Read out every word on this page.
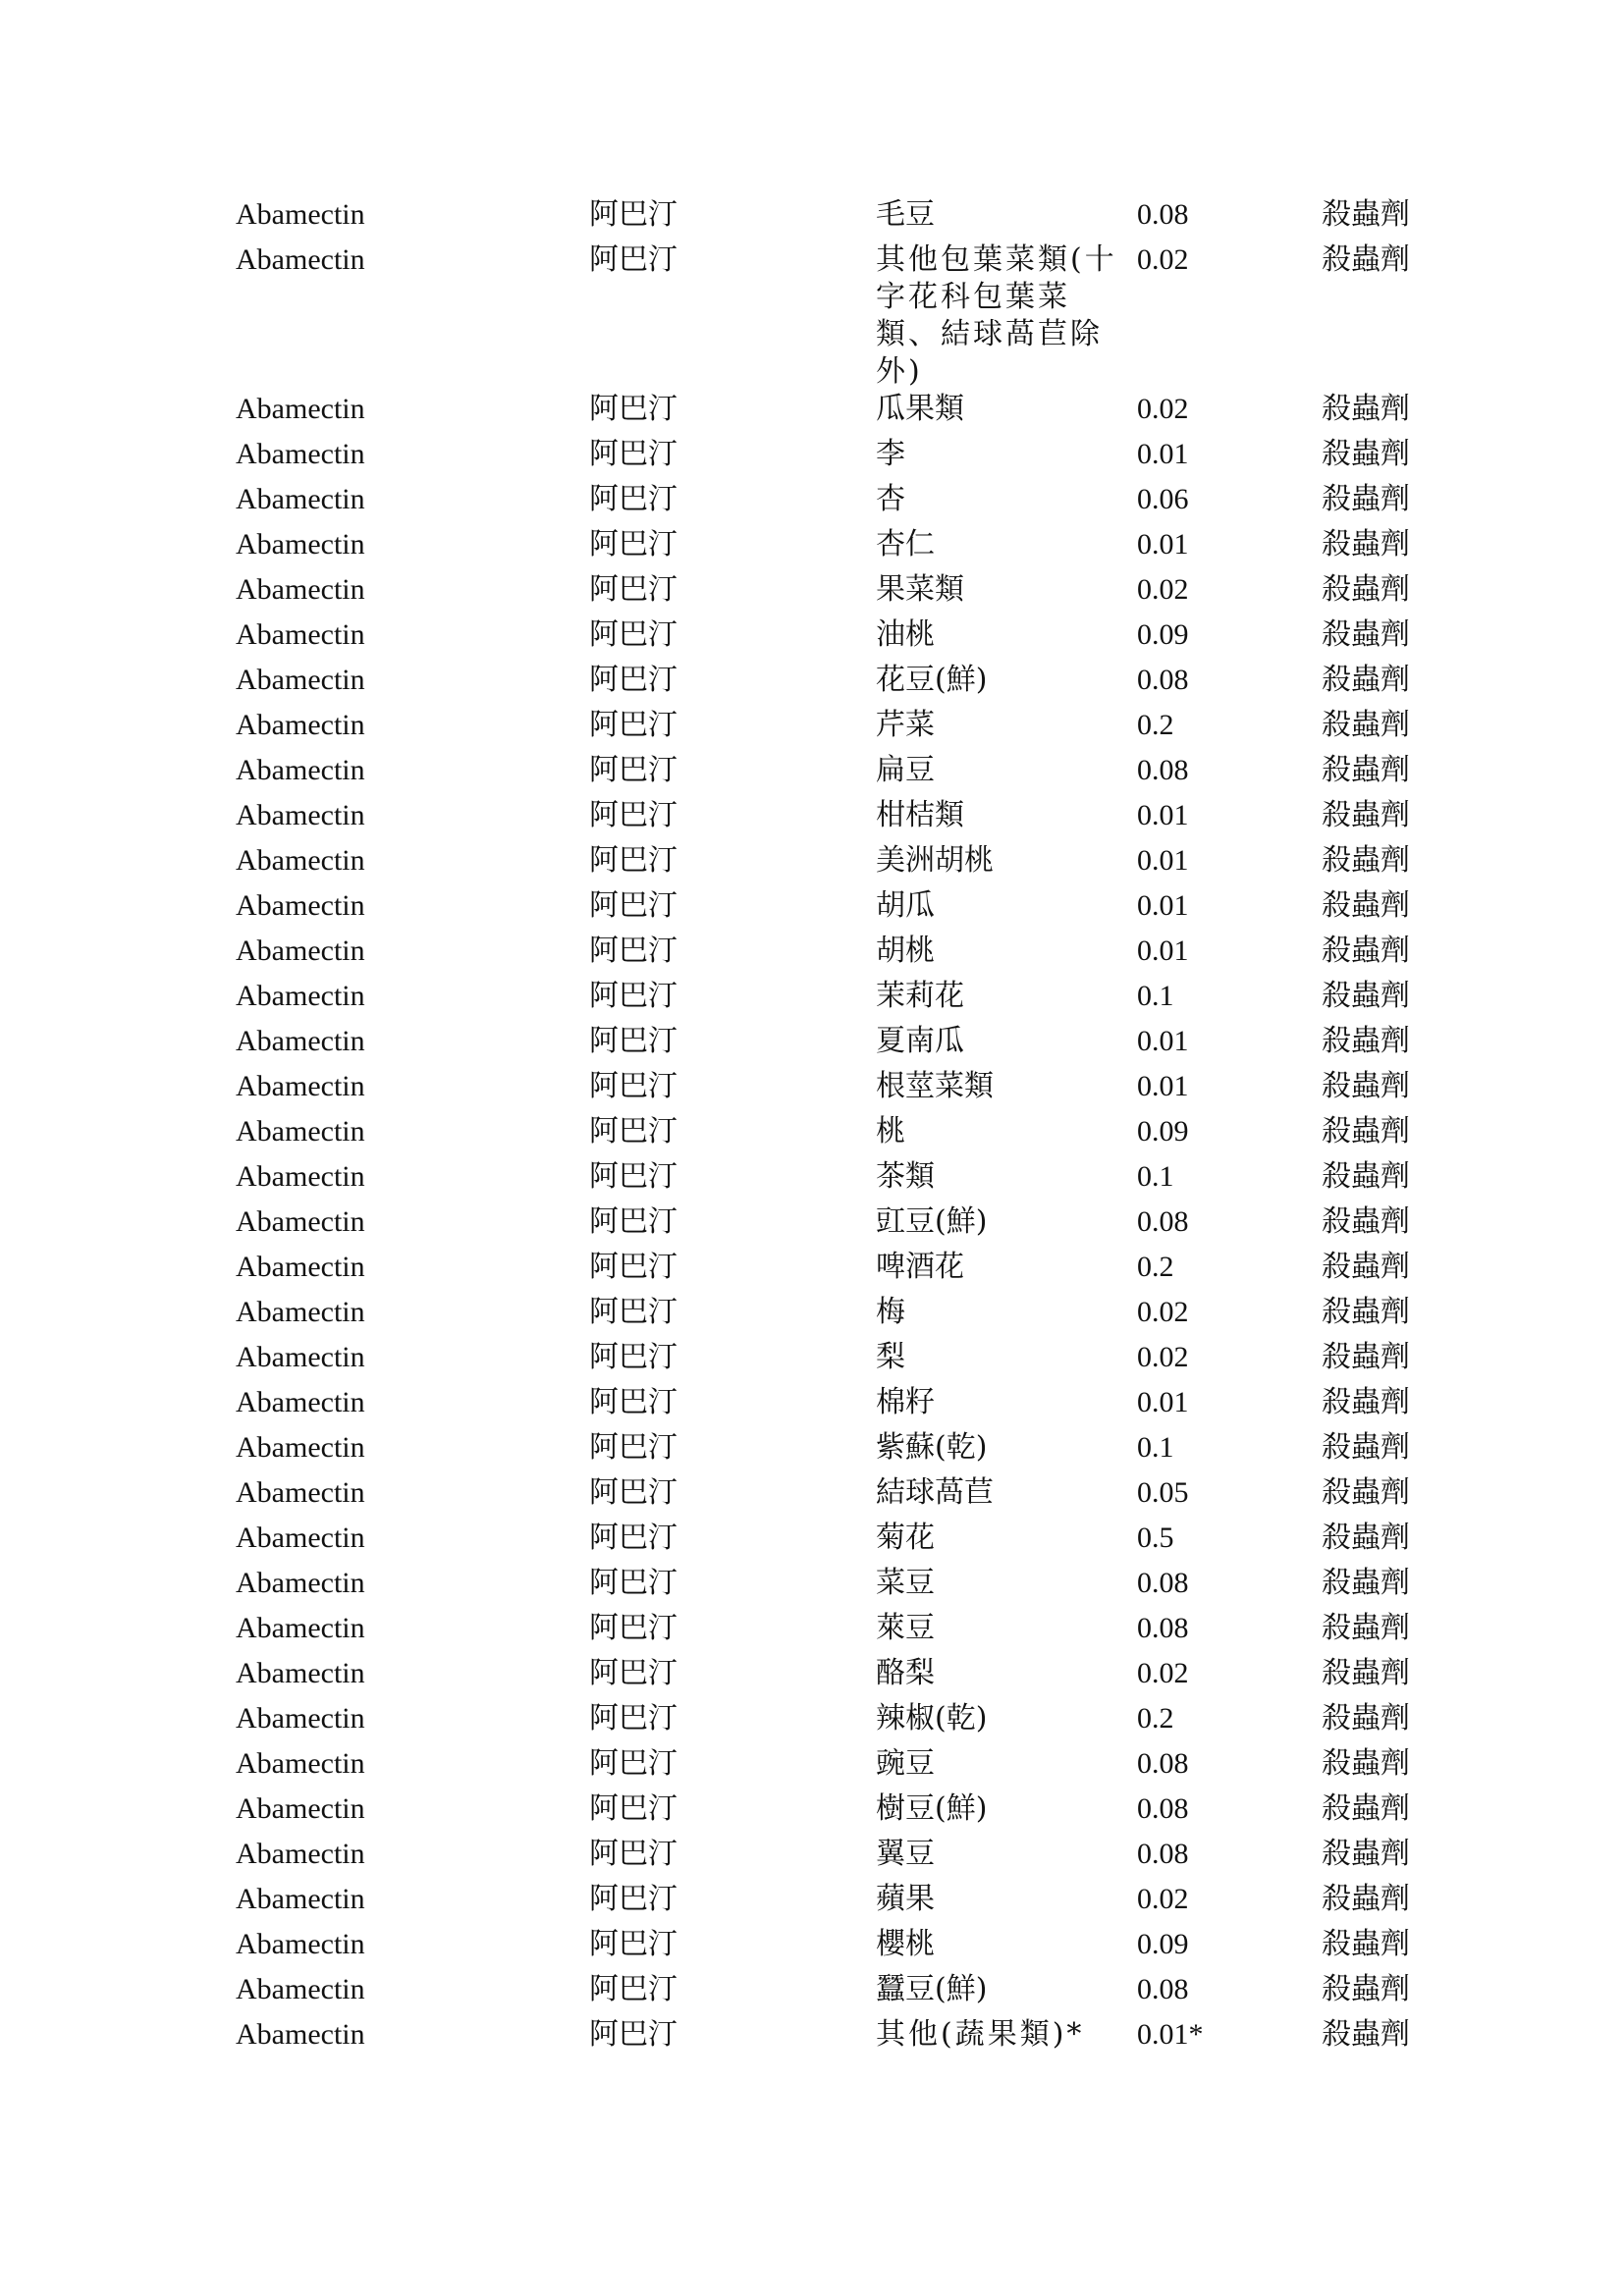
Abamectin	阿巴汀	毛豆	0.08	殺蟲劑
Abamectin	阿巴汀	其他包葉菜類(十字花科包葉菜類、結球萵苣除外)	0.02	殺蟲劑
Abamectin	阿巴汀	瓜果類	0.02	殺蟲劑
Abamectin	阿巴汀	李	0.01	殺蟲劑
Abamectin	阿巴汀	杏	0.06	殺蟲劑
Abamectin	阿巴汀	杏仁	0.01	殺蟲劑
Abamectin	阿巴汀	果菜類	0.02	殺蟲劑
Abamectin	阿巴汀	油桃	0.09	殺蟲劑
Abamectin	阿巴汀	花豆(鮮)	0.08	殺蟲劑
Abamectin	阿巴汀	芹菜	0.2	殺蟲劑
Abamectin	阿巴汀	扁豆	0.08	殺蟲劑
Abamectin	阿巴汀	柑桔類	0.01	殺蟲劑
Abamectin	阿巴汀	美洲胡桃	0.01	殺蟲劑
Abamectin	阿巴汀	胡瓜	0.01	殺蟲劑
Abamectin	阿巴汀	胡桃	0.01	殺蟲劑
Abamectin	阿巴汀	茉莉花	0.1	殺蟲劑
Abamectin	阿巴汀	夏南瓜	0.01	殺蟲劑
Abamectin	阿巴汀	根莖菜類	0.01	殺蟲劑
Abamectin	阿巴汀	桃	0.09	殺蟲劑
Abamectin	阿巴汀	茶類	0.1	殺蟲劑
Abamectin	阿巴汀	豇豆(鮮)	0.08	殺蟲劑
Abamectin	阿巴汀	啤酒花	0.2	殺蟲劑
Abamectin	阿巴汀	梅	0.02	殺蟲劑
Abamectin	阿巴汀	梨	0.02	殺蟲劑
Abamectin	阿巴汀	棉籽	0.01	殺蟲劑
Abamectin	阿巴汀	紫蘇(乾)	0.1	殺蟲劑
Abamectin	阿巴汀	結球萵苣	0.05	殺蟲劑
Abamectin	阿巴汀	菊花	0.5	殺蟲劑
Abamectin	阿巴汀	菜豆	0.08	殺蟲劑
Abamectin	阿巴汀	萊豆	0.08	殺蟲劑
Abamectin	阿巴汀	酪梨	0.02	殺蟲劑
Abamectin	阿巴汀	辣椒(乾)	0.2	殺蟲劑
Abamectin	阿巴汀	豌豆	0.08	殺蟲劑
Abamectin	阿巴汀	樹豆(鮮)	0.08	殺蟲劑
Abamectin	阿巴汀	翼豆	0.08	殺蟲劑
Abamectin	阿巴汀	蘋果	0.02	殺蟲劑
Abamectin	阿巴汀	櫻桃	0.09	殺蟲劑
Abamectin	阿巴汀	蠶豆(鮮)	0.08	殺蟲劑
Abamectin	阿巴汀	其他(蔬果類)*	0.01*	殺蟲劑
